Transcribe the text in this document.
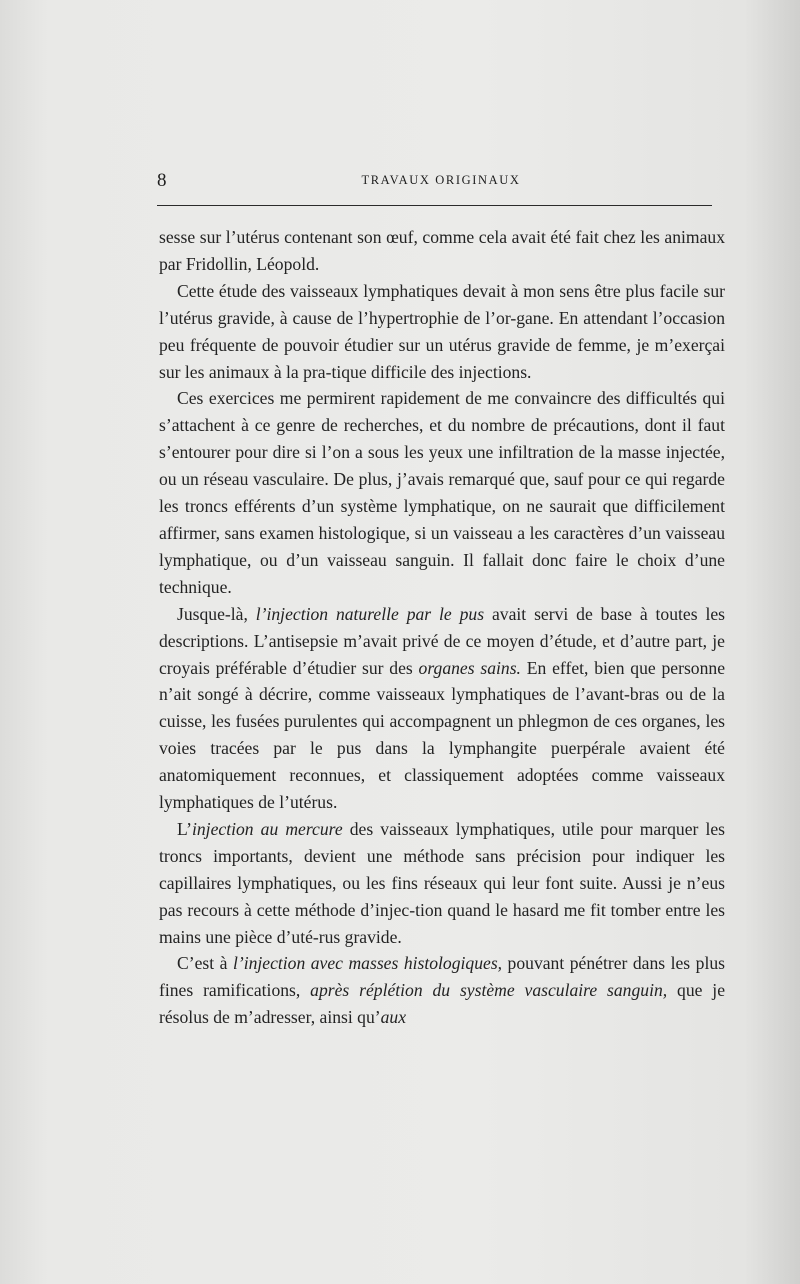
8	TRAVAUX ORIGINAUX

sesse sur l’utérus contenant son œuf, comme cela avait été fait chez les animaux par Fridollin, Léopold.

Cette étude des vaisseaux lymphatiques devait à mon sens être plus facile sur l’utérus gravide, à cause de l’hypertrophie de l’or-gane. En attendant l’occasion peu fréquente de pouvoir étudier sur un utérus gravide de femme, je m’exerçai sur les animaux à la pra-tique difficile des injections.

Ces exercices me permirent rapidement de me convaincre des difficultés qui s’attachent à ce genre de recherches, et du nombre de précautions, dont il faut s’entourer pour dire si l’on a sous les yeux une infiltration de la masse injectée, ou un réseau vasculaire. De plus, j’avais remarqué que, sauf pour ce qui regarde les troncs efférents d’un système lymphatique, on ne saurait que difficilement affirmer, sans examen histologique, si un vaisseau a les caractères d’un vaisseau lymphatique, ou d’un vaisseau sanguin. Il fallait donc faire le choix d’une technique.

Jusque-là, l’injection naturelle par le pus avait servi de base à toutes les descriptions. L’antisepsie m’avait privé de ce moyen d’étude, et d’autre part, je croyais préférable d’étudier sur des organes sains. En effet, bien que personne n’ait songé à décrire, comme vaisseaux lymphatiques de l’avant-bras ou de la cuisse, les fusées purulentes qui accompagnent un phlegmon de ces organes, les voies tracées par le pus dans la lymphangite puerpérale avaient été anatomiquement reconnues, et classiquement adoptées comme vaisseaux lymphatiques de l’utérus.

L’injection au mercure des vaisseaux lymphatiques, utile pour marquer les troncs importants, devient une méthode sans précision pour indiquer les capillaires lymphatiques, ou les fins réseaux qui leur font suite. Aussi je n’eus pas recours à cette méthode d’injec-tion quand le hasard me fit tomber entre les mains une pièce d’uté-rus gravide.

C’est à l’injection avec masses histologiques, pouvant pénétrer dans les plus fines ramifications, après réplétion du système vasculaire sanguin, que je résolus de m’adresser, ainsi qu’aux
